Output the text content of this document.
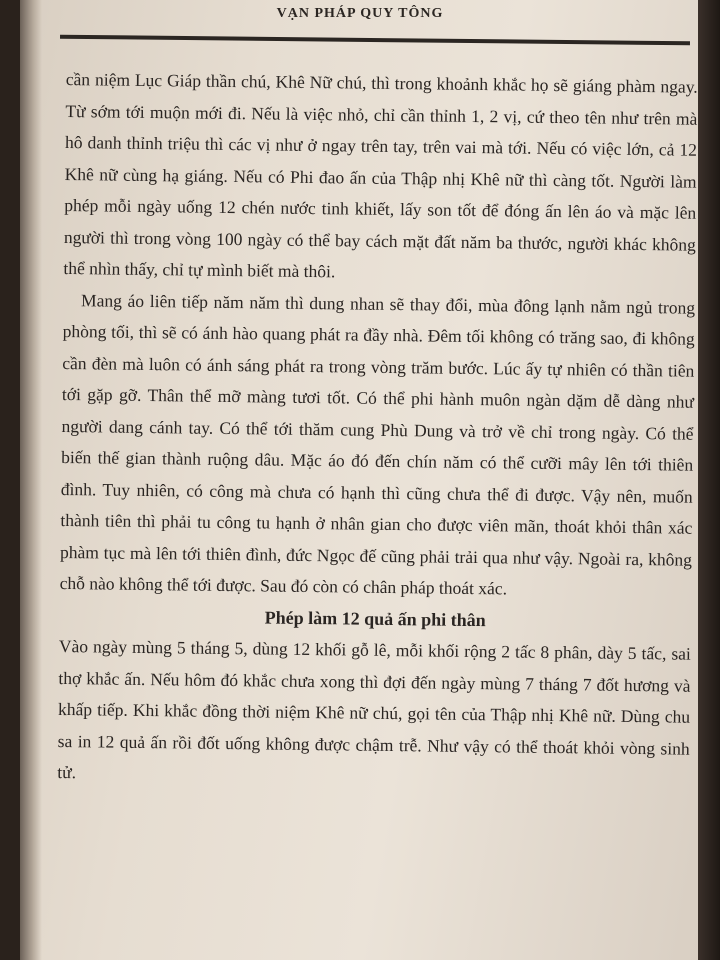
VẠN PHÁP QUY TÔNG

cần niệm Lục Giáp thần chú, Khê Nữ chú, thì trong khoảnh khắc họ sẽ giáng phàm ngay. Từ sớm tới muộn mới đi. Nếu là việc nhỏ, chỉ cần thỉnh 1, 2 vị, cứ theo tên như trên mà hô danh thỉnh triệu thì các vị như ở ngay trên tay, trên vai mà tới. Nếu có việc lớn, cả 12 Khê nữ cùng hạ giáng. Nếu có Phi đao ấn của Thập nhị Khê nữ thì càng tốt. Người làm phép mỗi ngày uống 12 chén nước tinh khiết, lấy son tốt để đóng ấn lên áo và mặc lên người thì trong vòng 100 ngày có thể bay cách mặt đất năm ba thước, người khác không thể nhìn thấy, chỉ tự mình biết mà thôi.

Mang áo liên tiếp năm năm thì dung nhan sẽ thay đổi, mùa đông lạnh nằm ngủ trong phòng tối, thì sẽ có ánh hào quang phát ra đầy nhà. Đêm tối không có trăng sao, đi không cần đèn mà luôn có ánh sáng phát ra trong vòng trăm bước. Lúc ấy tự nhiên có thần tiên tới gặp gỡ. Thân thể mỡ màng tươi tốt. Có thể phi hành muôn ngàn dặm dễ dàng như người dang cánh tay. Có thể tới thăm cung Phù Dung và trở về chỉ trong ngày. Có thể biến thế gian thành ruộng dâu. Mặc áo đó đến chín năm có thể cưỡi mây lên tới thiên đình. Tuy nhiên, có công mà chưa có hạnh thì cũng chưa thể đi được. Vậy nên, muốn thành tiên thì phải tu công tu hạnh ở nhân gian cho được viên mãn, thoát khỏi thân xác phàm tục mà lên tới thiên đình, đức Ngọc đế cũng phải trải qua như vậy. Ngoài ra, không chỗ nào không thể tới được. Sau đó còn có chân pháp thoát xác.

Phép làm 12 quả ấn phi thân

Vào ngày mùng 5 tháng 5, dùng 12 khối gỗ lê, mỗi khối rộng 2 tấc 8 phân, dày 5 tấc, sai thợ khắc ấn. Nếu hôm đó khắc chưa xong thì đợi đến ngày mùng 7 tháng 7 đốt hương và khấp tiếp. Khi khắc đồng thời niệm Khê nữ chú, gọi tên của Thập nhị Khê nữ. Dùng chu sa in 12 quả ấn rồi đốt uống không được chậm trễ. Như vậy có thể thoát khỏi vòng sinh tử.
